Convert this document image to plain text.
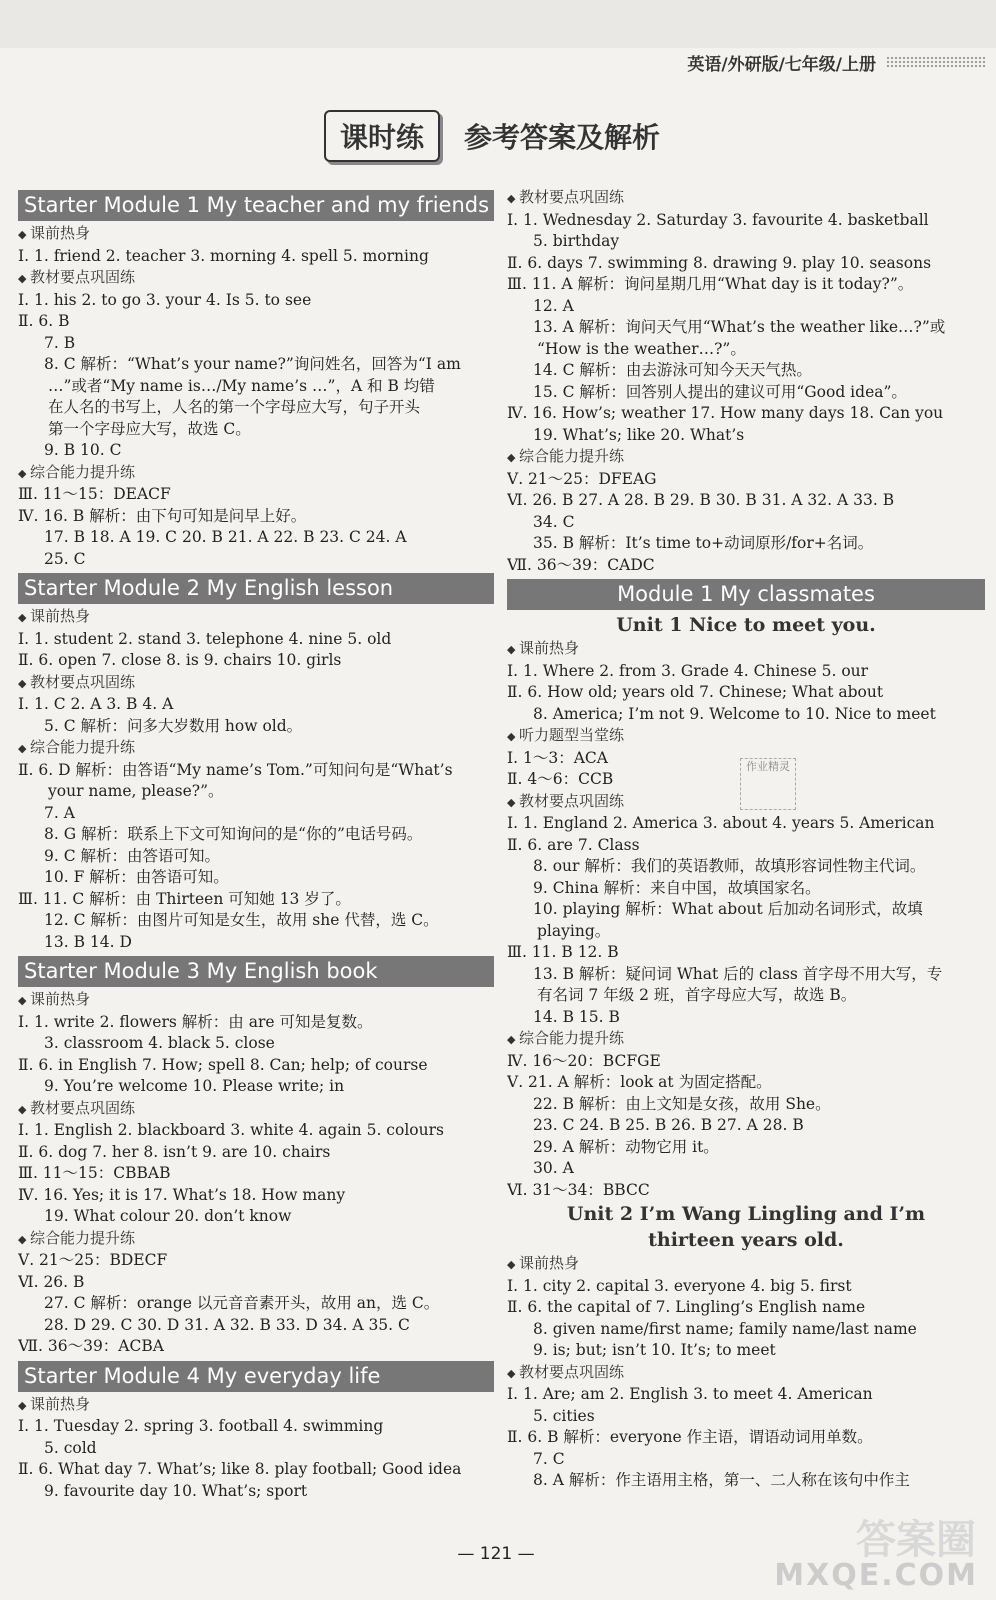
英语/外研版/七年级/上册
课时练	参考答案及解析
Starter Module 1 My teacher and my friends
◆ 课前热身
Ⅰ. 1. friend 2. teacher 3. morning 4. spell 5. morning
◆ 教材要点巩固练
Ⅰ. 1. his 2. to go 3. your 4. Is 5. to see
Ⅱ. 6. B
7. B
8. C 解析：“What’s your name?”询问姓名，回答为“I am
…”或者“My name is…/My name’s …”，A 和 B 均错
在人名的书写上，人名的第一个字母应大写，句子开头
第一个字母应大写，故选 C。
9. B 10. C
◆ 综合能力提升练
Ⅲ. 11～15：DEACF
Ⅳ. 16. B 解析：由下句可知是问早上好。
17. B 18. A 19. C 20. B 21. A 22. B 23. C 24. A
25. C
Starter Module 2 My English lesson
◆ 课前热身
Ⅰ. 1. student 2. stand 3. telephone 4. nine 5. old
Ⅱ. 6. open 7. close 8. is 9. chairs 10. girls
◆ 教材要点巩固练
Ⅰ. 1. C 2. A 3. B 4. A
5. C 解析：问多大岁数用 how old。
◆ 综合能力提升练
Ⅱ. 6. D 解析：由答语“My name’s Tom.”可知问句是“What’s
your name, please?”。
7. A
8. G 解析：联系上下文可知询问的是“你的”电话号码。
9. C 解析：由答语可知。
10. F 解析：由答语可知。
Ⅲ. 11. C 解析：由 Thirteen 可知她 13 岁了。
12. C 解析：由图片可知是女生，故用 she 代替，选 C。
13. B 14. D
Starter Module 3 My English book
◆ 课前热身
Ⅰ. 1. write 2. flowers 解析：由 are 可知是复数。
3. classroom 4. black 5. close
Ⅱ. 6. in English 7. How; spell 8. Can; help; of course
9. You’re welcome 10. Please write; in
◆ 教材要点巩固练
Ⅰ. 1. English 2. blackboard 3. white 4. again 5. colours
Ⅱ. 6. dog 7. her 8. isn’t 9. are 10. chairs
Ⅲ. 11～15：CBBAB
Ⅳ. 16. Yes; it is 17. What’s 18. How many
19. What colour 20. don’t know
◆ 综合能力提升练
Ⅴ. 21～25：BDECF
Ⅵ. 26. B
27. C 解析：orange 以元音音素开头，故用 an，选 C。
28. D 29. C 30. D 31. A 32. B 33. D 34. A 35. C
Ⅶ. 36～39：ACBA
Starter Module 4 My everyday life
◆ 课前热身
Ⅰ. 1. Tuesday 2. spring 3. football 4. swimming
5. cold
Ⅱ. 6. What day 7. What’s; like 8. play football; Good idea
9. favourite day 10. What’s; sport
◆ 教材要点巩固练
Ⅰ. 1. Wednesday 2. Saturday 3. favourite 4. basketball
5. birthday
Ⅱ. 6. days 7. swimming 8. drawing 9. play 10. seasons
Ⅲ. 11. A 解析：询问星期几用“What day is it today?”。
12. A
13. A 解析：询问天气用“What’s the weather like…?”或
“How is the weather…?”。
14. C 解析：由去游泳可知今天天气热。
15. C 解析：回答别人提出的建议可用“Good idea”。
Ⅳ. 16. How’s; weather 17. How many days 18. Can you
19. What’s; like 20. What’s
◆ 综合能力提升练
Ⅴ. 21～25：DFEAG
Ⅵ. 26. B 27. A 28. B 29. B 30. B 31. A 32. A 33. B
34. C
35. B 解析：It’s time to+动词原形/for+名词。
Ⅶ. 36～39：CADC
Module 1 My classmates
Unit 1 Nice to meet you.
◆ 课前热身
Ⅰ. 1. Where 2. from 3. Grade 4. Chinese 5. our
Ⅱ. 6. How old; years old 7. Chinese; What about
8. America; I’m not 9. Welcome to 10. Nice to meet
◆ 听力题型当堂练
Ⅰ. 1～3：ACA
Ⅱ. 4～6：CCB
◆ 教材要点巩固练
Ⅰ. 1. England 2. America 3. about 4. years 5. American
Ⅱ. 6. are 7. Class
8. our 解析：我们的英语教师，故填形容词性物主代词。
9. China 解析：来自中国，故填国家名。
10. playing 解析：What about 后加动名词形式，故填
playing。
Ⅲ. 11. B 12. B
13. B 解析：疑问词 What 后的 class 首字母不用大写，专
有名词 7 年级 2 班，首字母应大写，故选 B。
14. B 15. B
◆ 综合能力提升练
Ⅳ. 16～20：BCFGE
Ⅴ. 21. A 解析：look at 为固定搭配。
22. B 解析：由上文知是女孩，故用 She。
23. C 24. B 25. B 26. B 27. A 28. B
29. A 解析：动物它用 it。
30. A
Ⅵ. 31～34：BBCC
Unit 2 I’m Wang Lingling and I’m
thirteen years old.
◆ 课前热身
Ⅰ. 1. city 2. capital 3. everyone 4. big 5. first
Ⅱ. 6. the capital of 7. Lingling’s English name
8. given name/first name; family name/last name
9. is; but; isn’t 10. It’s; to meet
◆ 教材要点巩固练
Ⅰ. 1. Are; am 2. English 3. to meet 4. American
5. cities
Ⅱ. 6. B 解析：everyone 作主语，谓语动词用单数。
7. C
8. A 解析：作主语用主格，第一、二人称在该句中作主
作业精灵
— 121 —	答案圈
MXQE.COM
